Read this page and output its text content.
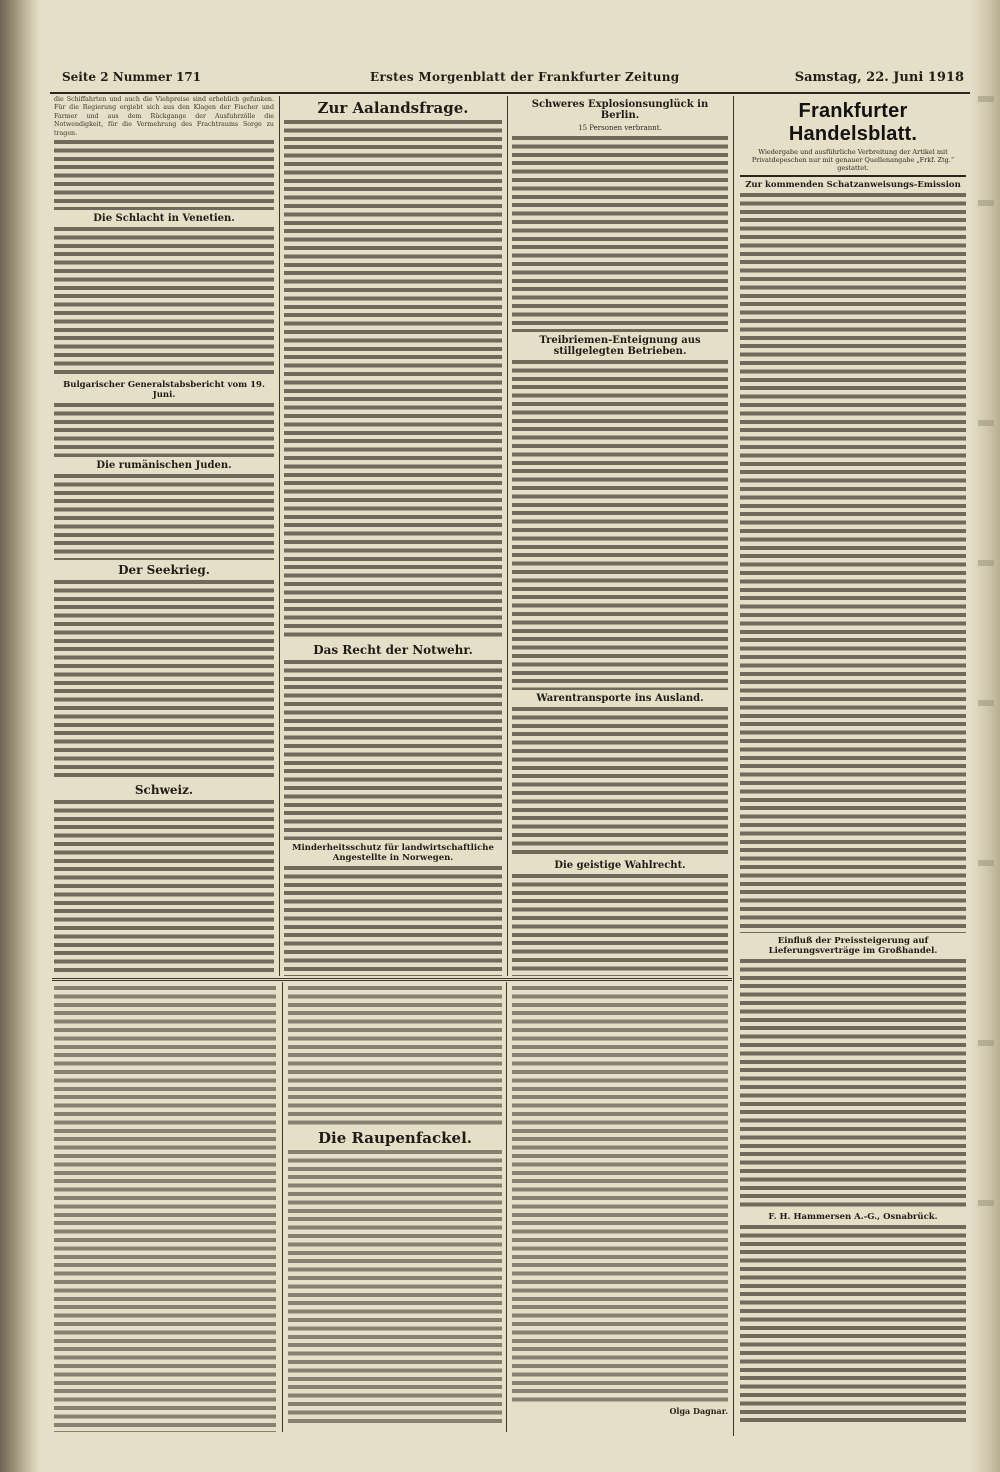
Seite 2 Nummer 171	Erstes Morgenblatt der Frankfurter Zeitung	Samstag, 22. Juni 1918

die Schiffahrten und auch die Viehpreise sind erheblich gefunken. Für die Regierung ergiebt sich aus den Klagen der Fischer und Farmer und aus dem Rückgange der Ausfuhrzölle die Notwendigkeit, für die Vermehrung des Frachtraums Sorge zu tragen.

Die Schlacht in Venetien.
Bulgarischer Generalstabsbericht vom 19. Juni.
Die rumänischen Juden.
Der Seekrieg.
Schweiz.
Zur Aalandsfrage.
Das Recht der Notwehr.
Minderheitsschutz für landwirtschaftliche Angestellte in Norwegen.
Schweres Explosionsunglück in Berlin.
15 Personen verbrannt.
Treibriemen-Enteignung aus stillgelegten Betrieben.
Warentransporte ins Ausland.
Die geistige Wahlrecht.
Frankfurter Handelsblatt.
Wiedergabe und ausführliche Verbreitung der Artikel mit Privatdepeschen nur mit genauer Quellenangabe „Frkf. Ztg.“ gestattet.
Zur kommenden Schatzanweisungs-Emission
Einfluß der Preissteigerung auf Lieferungsverträge im Großhandel.
F. H. Hammersen A.-G., Osnabrück.
Die Raupenfackel.
Olga Dagnar.
